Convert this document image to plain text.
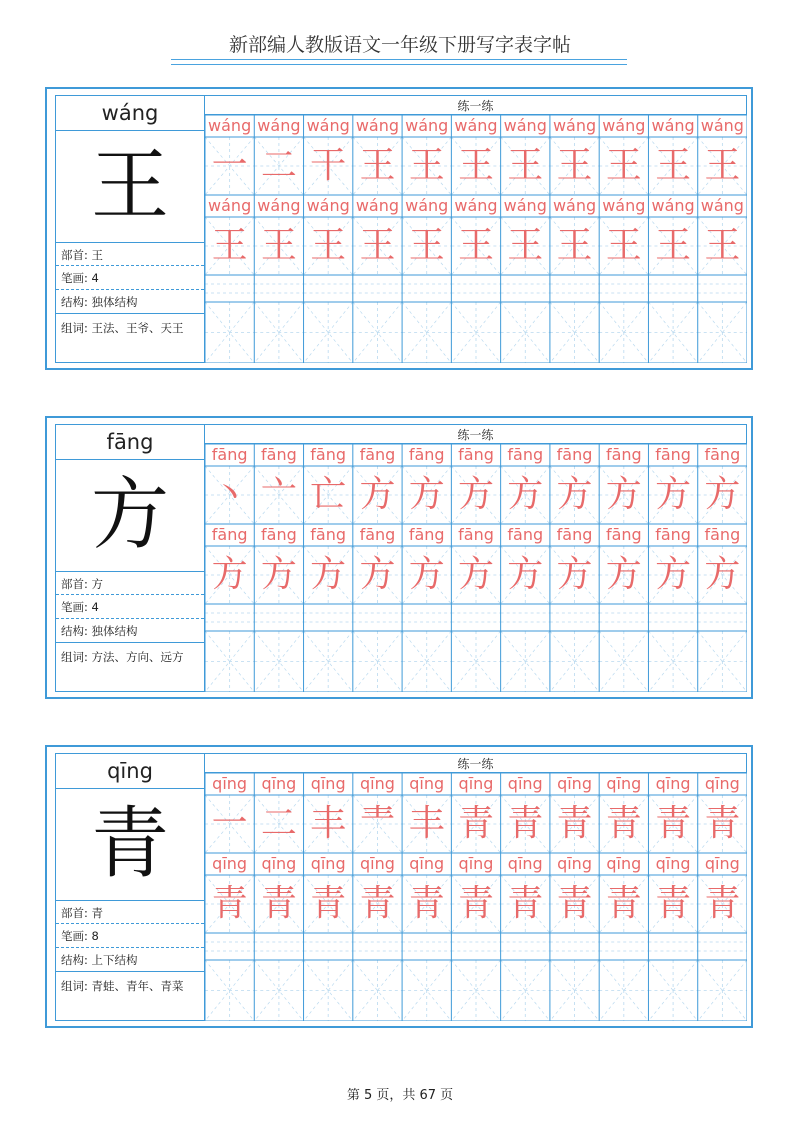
新部编人教版语文一年级下册写字表字帖
wáng
王
部首: 王
笔画: 4
结构: 独体结构
组词: 王法、王爷、天王
练一练
wáng wáng wáng wáng wáng wáng wáng wáng wáng wáng wáng
一 二 干 王 王 王 王 王 王 王 王
wáng wáng wáng wáng wáng wáng wáng wáng wáng wáng wáng
王 王 王 王 王 王 王 王 王 王 王
fāng
方
部首: 方
笔画: 4
结构: 独体结构
组词: 方法、方向、远方
练一练
fāng fāng fāng fāng fāng fāng fāng fāng fāng fāng fāng
丶 亠 亡 方 方 方 方 方 方 方 方
fāng fāng fāng fāng fāng fāng fāng fāng fāng fāng fāng
方 方 方 方 方 方 方 方 方 方 方
qīng
青
部首: 青
笔画: 8
结构: 上下结构
组词: 青蛙、青年、青菜
练一练
qīng qīng qīng qīng qīng qīng qīng qīng qīng qīng qīng
一 二 丰 龶 丰 青 青 青 青 青 青
qīng qīng qīng qīng qīng qīng qīng qīng qīng qīng qīng
青 青 青 青 青 青 青 青 青 青 青
第 5 页，共 67 页
